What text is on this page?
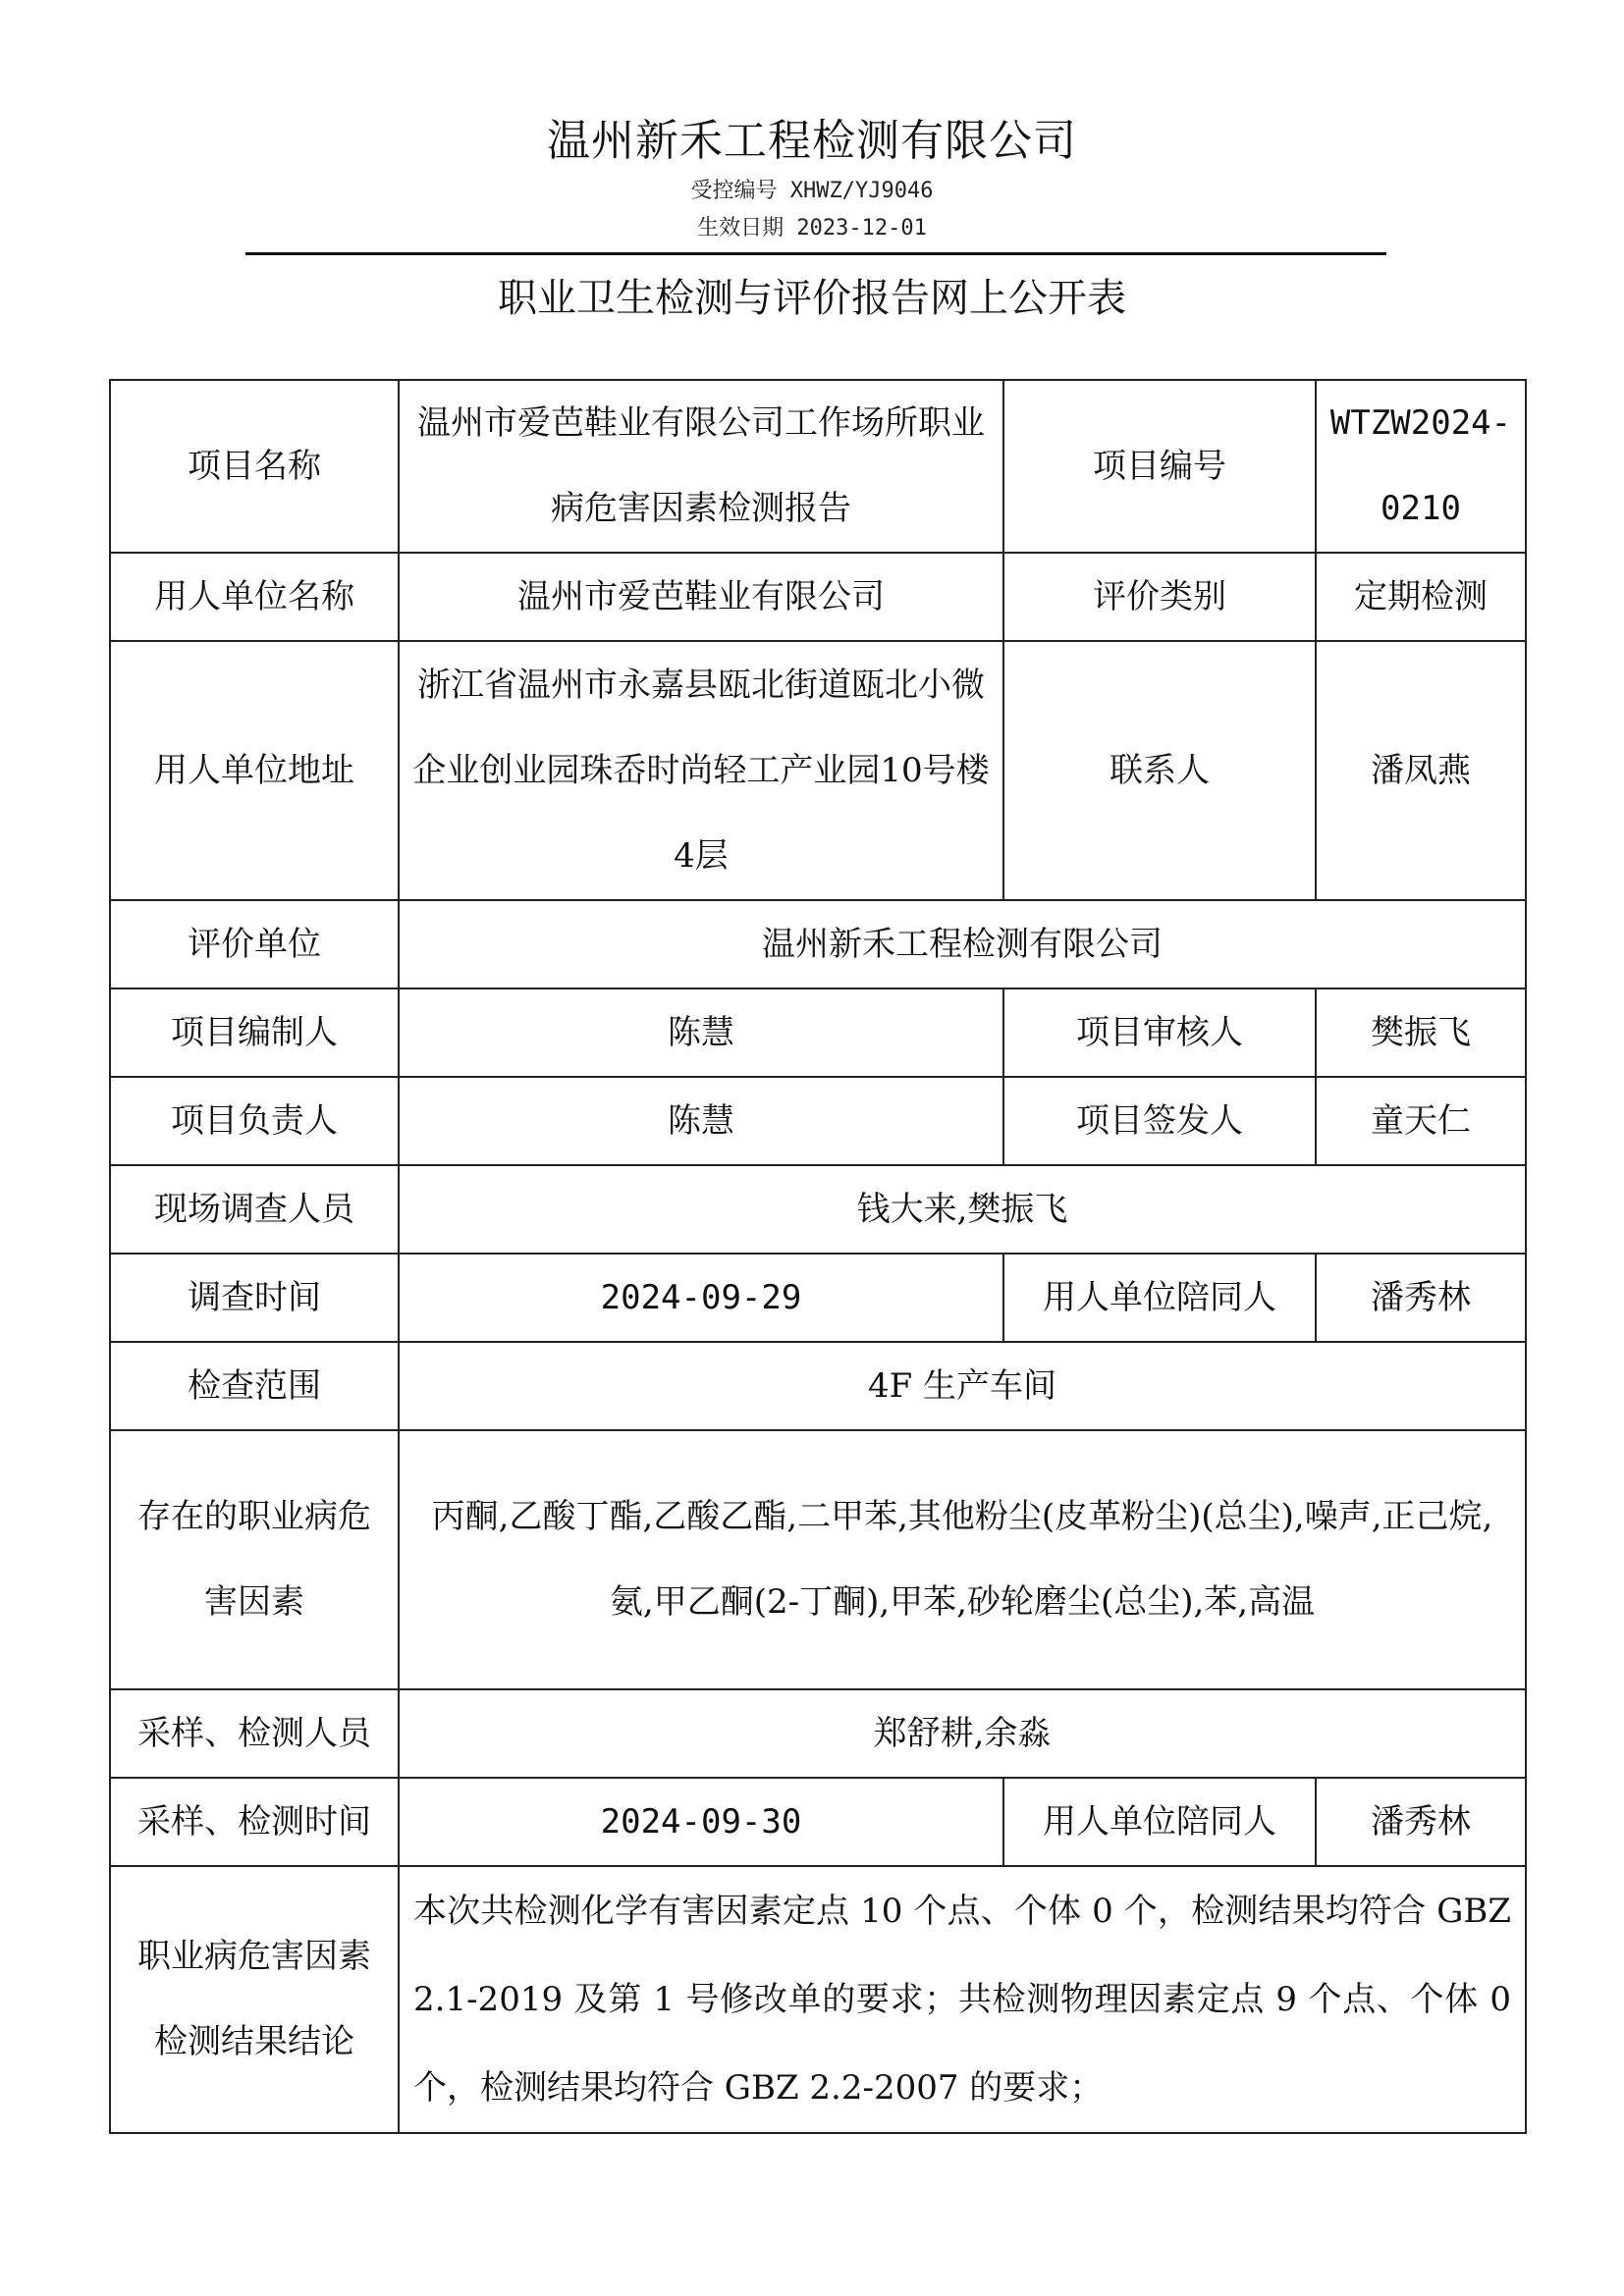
温州新禾工程检测有限公司
受控编号 XHWZ/YJ9046
生效日期 2023-12-01
职业卫生检测与评价报告网上公开表
项目名称	温州市爱芭鞋业有限公司工作场所职业病危害因素检测报告	项目编号	WTZW2024-0210
用人单位名称	温州市爱芭鞋业有限公司	评价类别	定期检测
用人单位地址	浙江省温州市永嘉县瓯北街道瓯北小微企业创业园珠岙时尚轻工产业园10号楼4层	联系人	潘凤燕
评价单位	温州新禾工程检测有限公司		
项目编制人	陈慧	项目审核人	樊振飞
项目负责人	陈慧	项目签发人	童天仁
现场调查人员	钱大来,樊振飞		
调查时间	2024-09-29	用人单位陪同人	潘秀林
检查范围	4F 生产车间		
存在的职业病危害因素	丙酮,乙酸丁酯,乙酸乙酯,二甲苯,其他粉尘(皮革粉尘)(总尘),噪声,正己烷,氨,甲乙酮(2-丁酮),甲苯,砂轮磨尘(总尘),苯,高温		
采样、检测人员	郑舒耕,余淼		
采样、检测时间	2024-09-30	用人单位陪同人	潘秀林
职业病危害因素检测结果结论	本次共检测化学有害因素定点 10 个点、个体 0 个，检测结果均符合 GBZ 2.1-2019 及第 1 号修改单的要求；共检测物理因素定点 9 个点、个体 0 个，检测结果均符合 GBZ 2.2-2007 的要求；		
